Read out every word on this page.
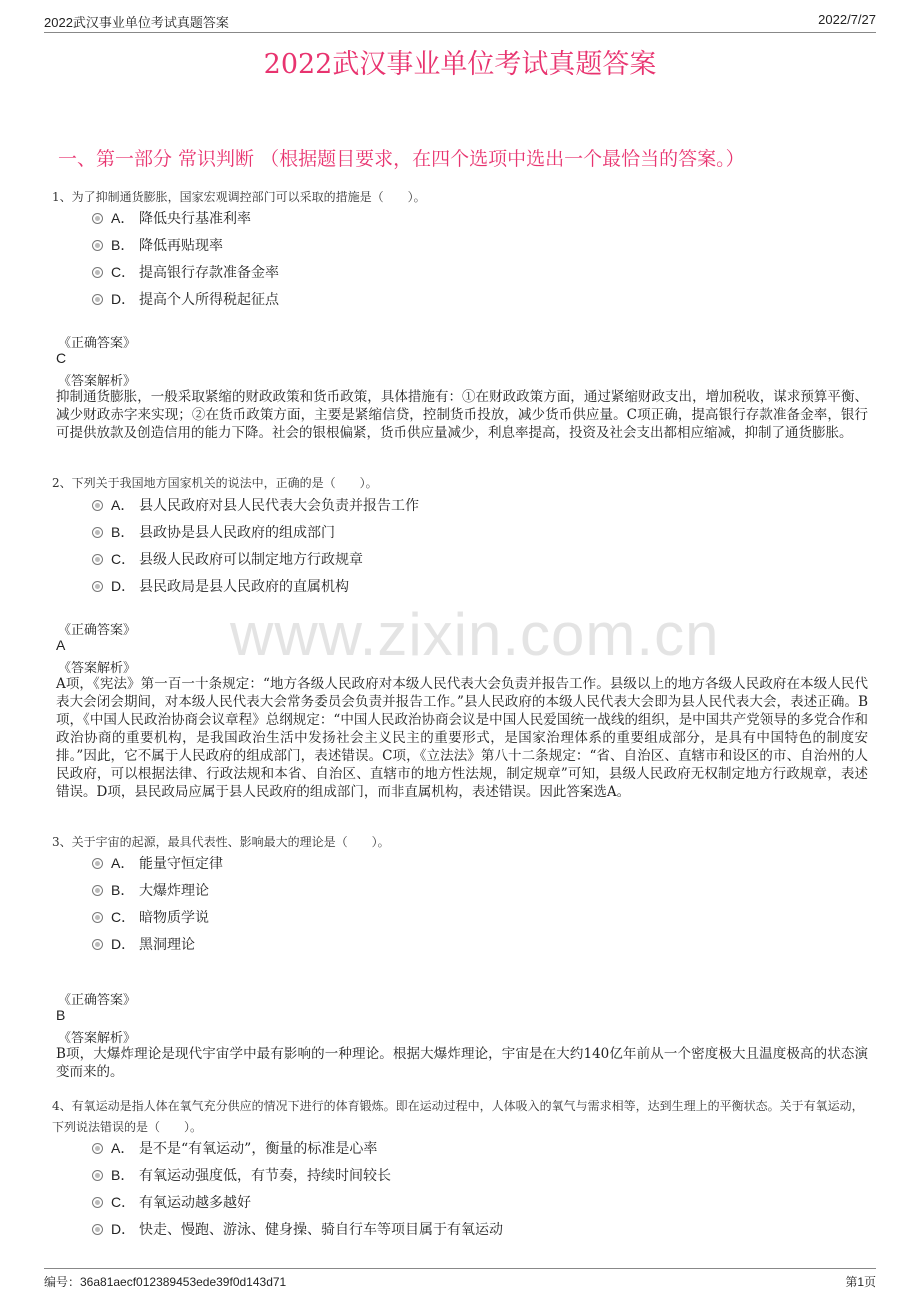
2022武汉事业单位考试真题答案	2022/7/27
www.zixin.com.cn
2022武汉事业单位考试真题答案
一、第一部分 常识判断 （根据题目要求，在四个选项中选出一个最恰当的答案。）
1、为了抑制通货膨胀，国家宏观调控部门可以采取的措施是（　　）。
A． 降低央行基准利率
B． 降低再贴现率
C． 提高银行存款准备金率
D． 提高个人所得税起征点
《正确答案》
C
《答案解析》
抑制通货膨胀，一般采取紧缩的财政政策和货币政策，具体措施有：①在财政政策方面，通过紧缩财政支出，增加税收，谋求预算平衡、减少财政赤字来实现；②在货币政策方面，主要是紧缩信贷，控制货币投放，减少货币供应量。C项正确，提高银行存款准备金率，银行可提供放款及创造信用的能力下降。社会的银根偏紧，货币供应量减少，利息率提高，投资及社会支出都相应缩减，抑制了通货膨胀。
2、下列关于我国地方国家机关的说法中，正确的是（　　）。
A． 县人民政府对县人民代表大会负责并报告工作
B． 县政协是县人民政府的组成部门
C． 县级人民政府可以制定地方行政规章
D． 县民政局是县人民政府的直属机构
《正确答案》
A
《答案解析》
A项，《宪法》第一百一十条规定：“地方各级人民政府对本级人民代表大会负责并报告工作。县级以上的地方各级人民政府在本级人民代表大会闭会期间，对本级人民代表大会常务委员会负责并报告工作。”县人民政府的本级人民代表大会即为县人民代表大会，表述正确。B项，《中国人民政治协商会议章程》总纲规定：“中国人民政治协商会议是中国人民爱国统一战线的组织，是中国共产党领导的多党合作和政治协商的重要机构，是我国政治生活中发扬社会主义民主的重要形式，是国家治理体系的重要组成部分，是具有中国特色的制度安排。”因此，它不属于人民政府的组成部门，表述错误。C项，《立法法》第八十二条规定：“省、自治区、直辖市和设区的市、自治州的人民政府，可以根据法律、行政法规和本省、自治区、直辖市的地方性法规，制定规章”可知，县级人民政府无权制定地方行政规章，表述错误。D项，县民政局应属于县人民政府的组成部门，而非直属机构，表述错误。因此答案选A。
3、关于宇宙的起源，最具代表性、影响最大的理论是（　　）。
A． 能量守恒定律
B． 大爆炸理论
C． 暗物质学说
D． 黑洞理论
《正确答案》
B
《答案解析》
B项，大爆炸理论是现代宇宙学中最有影响的一种理论。根据大爆炸理论，宇宙是在大约140亿年前从一个密度极大且温度极高的状态演变而来的。
4、有氧运动是指人体在氧气充分供应的情况下进行的体育锻炼。即在运动过程中，人体吸入的氧气与需求相等，达到生理上的平衡状态。关于有氧运动，下列说法错误的是（　　）。
A． 是不是“有氧运动”，衡量的标准是心率
B． 有氧运动强度低，有节奏，持续时间较长
C． 有氧运动越多越好
D． 快走、慢跑、游泳、健身操、骑自行车等项目属于有氧运动
编号：36a81aecf012389453ede39f0d143d71	第1页
